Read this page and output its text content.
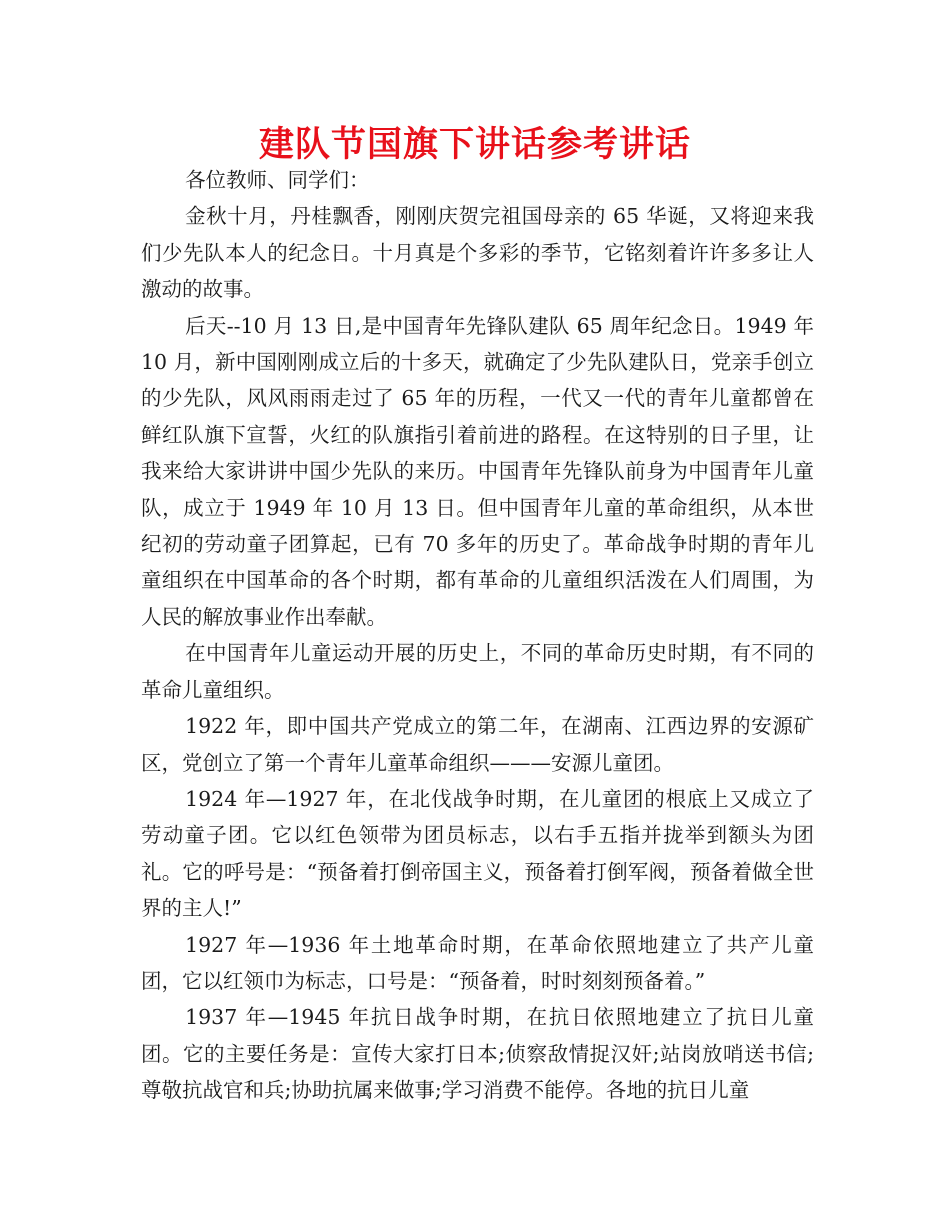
建队节国旗下讲话参考讲话

各位教师、同学们：

金秋十月，丹桂飘香，刚刚庆贺完祖国母亲的 65 华诞，又将迎来我们少先队本人的纪念日。十月真是个多彩的季节，它铭刻着许许多多让人激动的故事。

后天--10 月 13 日,是中国青年先锋队建队 65 周年纪念日。1949 年 10 月，新中国刚刚成立后的十多天，就确定了少先队建队日，党亲手创立的少先队，风风雨雨走过了 65 年的历程，一代又一代的青年儿童都曾在鲜红队旗下宣誓，火红的队旗指引着前进的路程。在这特别的日子里，让我来给大家讲讲中国少先队的来历。中国青年先锋队前身为中国青年儿童队，成立于 1949 年 10 月 13 日。但中国青年儿童的革命组织，从本世纪初的劳动童子团算起，已有 70 多年的历史了。革命战争时期的青年儿童组织在中国革命的各个时期，都有革命的儿童组织活泼在人们周围，为人民的解放事业作出奉献。

在中国青年儿童运动开展的历史上，不同的革命历史时期，有不同的革命儿童组织。

1922 年，即中国共产党成立的第二年，在湖南、江西边界的安源矿区，党创立了第一个青年儿童革命组织———安源儿童团。

1924 年—1927 年，在北伐战争时期，在儿童团的根底上又成立了劳动童子团。它以红色领带为团员标志，以右手五指并拢举到额头为团礼。它的呼号是：“预备着打倒帝国主义，预备着打倒军阀，预备着做全世界的主人!”

1927 年—1936 年土地革命时期，在革命依照地建立了共产儿童团，它以红领巾为标志，口号是：“预备着，时时刻刻预备着。”

1937 年—1945 年抗日战争时期，在抗日依照地建立了抗日儿童团。它的主要任务是：宣传大家打日本;侦察敌情捉汉奸;站岗放哨送书信;尊敬抗战官和兵;协助抗属来做事;学习消费不能停。各地的抗日儿童
